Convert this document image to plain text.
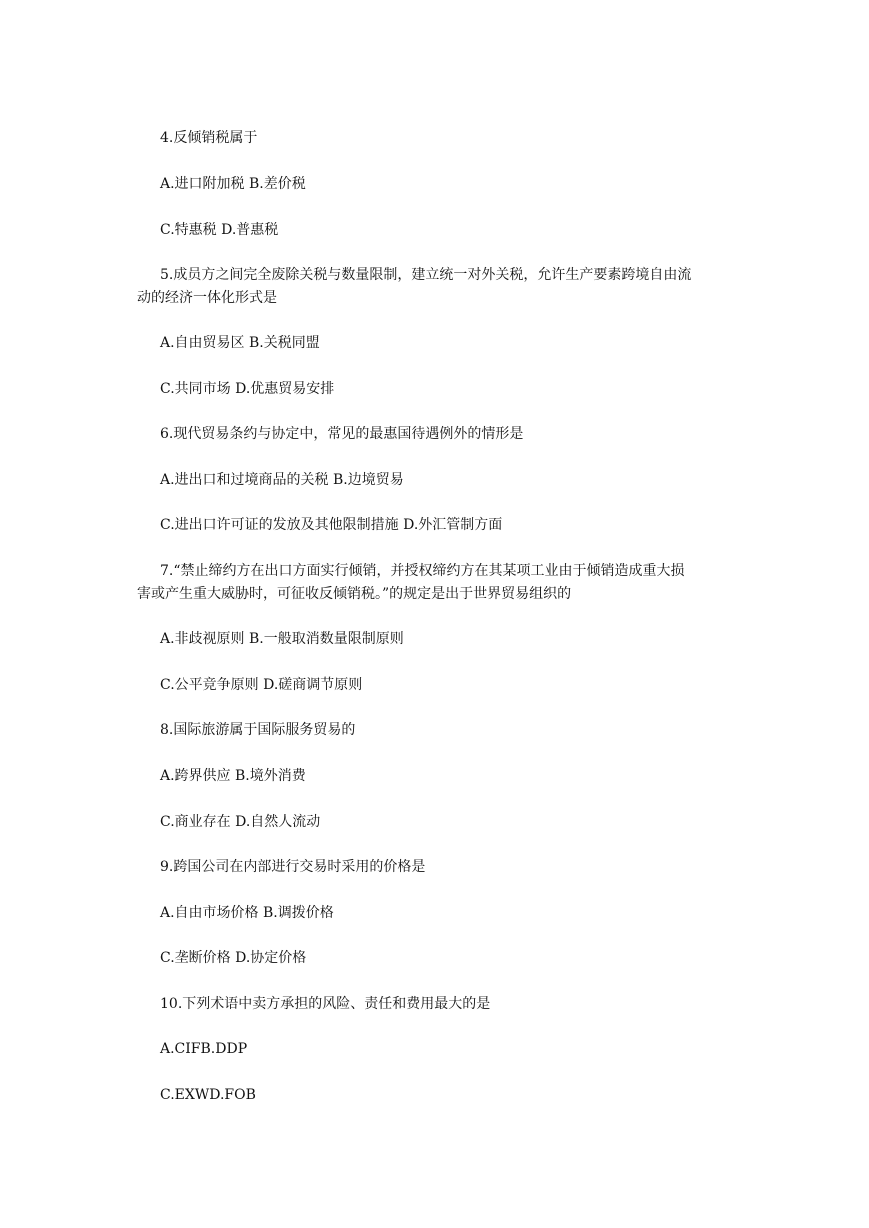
4.反倾销税属于
A.进口附加税 B.差价税
C.特惠税 D.普惠税
5.成员方之间完全废除关税与数量限制，建立统一对外关税，允许生产要素跨境自由流
动的经济一体化形式是
A.自由贸易区 B.关税同盟
C.共同市场 D.优惠贸易安排
6.现代贸易条约与协定中，常见的最惠国待遇例外的情形是
A.进出口和过境商品的关税 B.边境贸易
C.进出口许可证的发放及其他限制措施 D.外汇管制方面
7.“禁止缔约方在出口方面实行倾销，并授权缔约方在其某项工业由于倾销造成重大损
害或产生重大威胁时，可征收反倾销税。”的规定是出于世界贸易组织的
A.非歧视原则 B.一般取消数量限制原则
C.公平竞争原则 D.磋商调节原则
8.国际旅游属于国际服务贸易的
A.跨界供应 B.境外消费
C.商业存在 D.自然人流动
9.跨国公司在内部进行交易时采用的价格是
A.自由市场价格 B.调拨价格
C.垄断价格 D.协定价格
10.下列术语中卖方承担的风险、责任和费用最大的是
A.CIFB.DDP
C.EXWD.FOB
